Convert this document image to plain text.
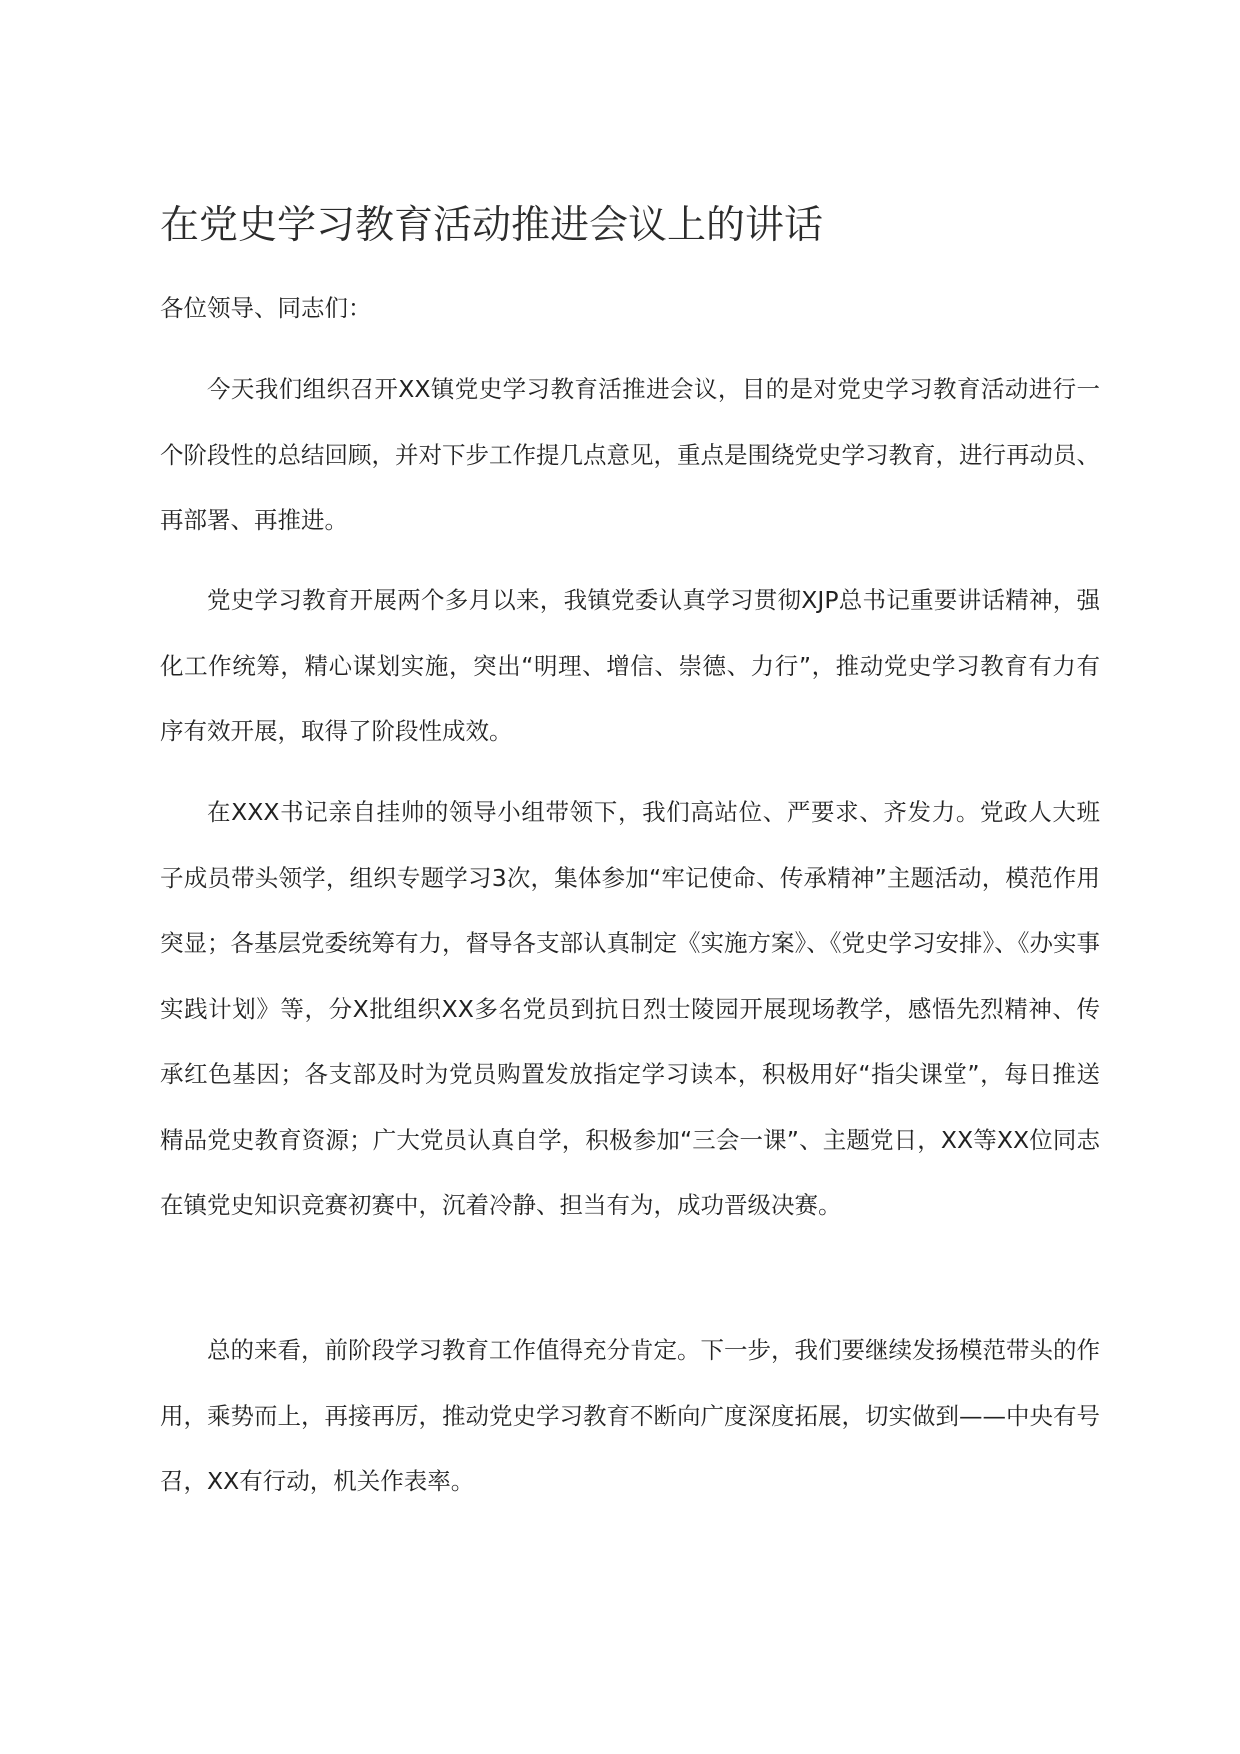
在党史学习教育活动推进会议上的讲话

各位领导、同志们：

今天我们组织召开XX镇党史学习教育活推进会议，目的是对党史学习教育活动进行一个阶段性的总结回顾，并对下步工作提几点意见，重点是围绕党史学习教育，进行再动员、再部署、再推进。

党史学习教育开展两个多月以来，我镇党委认真学习贯彻XJP总书记重要讲话精神，强化工作统筹，精心谋划实施，突出“明理、增信、崇德、力行”，推动党史学习教育有力有序有效开展，取得了阶段性成效。

在XXX书记亲自挂帅的领导小组带领下，我们高站位、严要求、齐发力。党政人大班子成员带头领学，组织专题学习3次，集体参加“牢记使命、传承精神”主题活动，模范作用突显；各基层党委统筹有力，督导各支部认真制定《实施方案》、《党史学习安排》、《办实事实践计划》等，分X批组织XX多名党员到抗日烈士陵园开展现场教学，感悟先烈精神、传承红色基因；各支部及时为党员购置发放指定学习读本，积极用好“指尖课堂”，每日推送精品党史教育资源；广大党员认真自学，积极参加“三会一课”、主题党日，XX等XX位同志在镇党史知识竞赛初赛中，沉着冷静、担当有为，成功晋级决赛。

总的来看，前阶段学习教育工作值得充分肯定。下一步，我们要继续发扬模范带头的作用，乘势而上，再接再厉，推动党史学习教育不断向广度深度拓展，切实做到——中央有号召，XX有行动，机关作表率。
